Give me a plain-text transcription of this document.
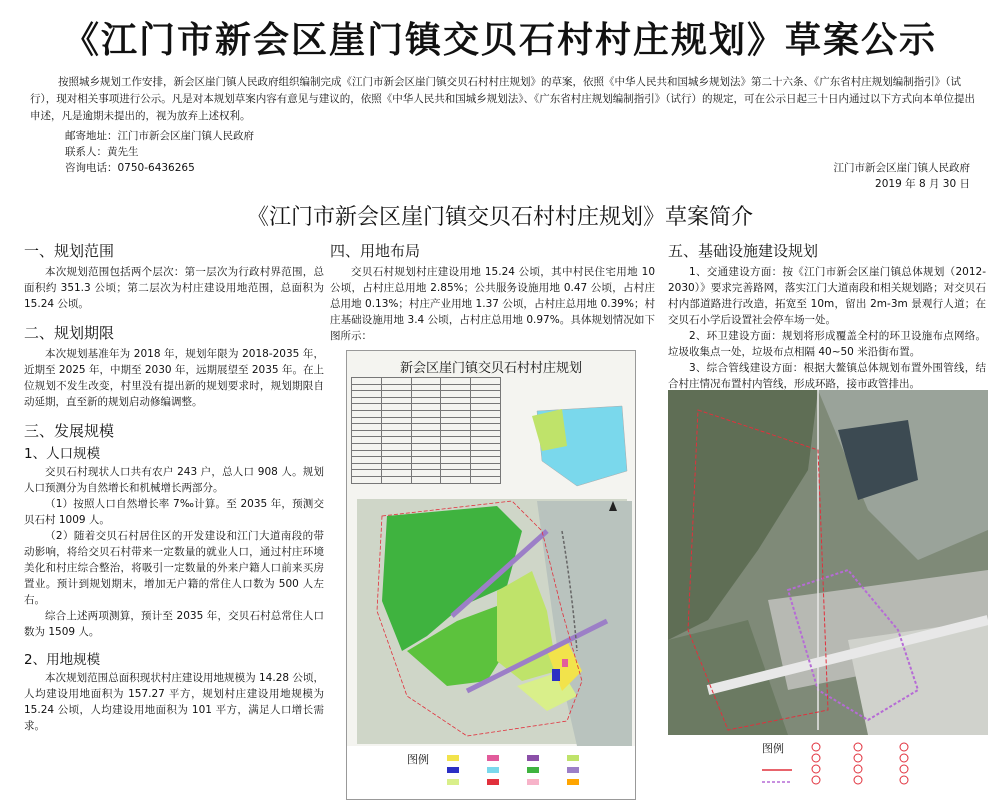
《江门市新会区崖门镇交贝石村村庄规划》草案公示
按照城乡规划工作安排，新会区崖门镇人民政府组织编制完成《江门市新会区崖门镇交贝石村村庄规划》的草案，依照《中华人民共和国城乡规划法》第二十六条、《广东省村庄规划编制指引》（试行），现对相关事项进行公示。凡是对本规划草案内容有意见与建议的，依照《中华人民共和国城乡规划法》、《广东省村庄规划编制指引》（试行）的规定，可在公示日起三十日内通过以下方式向本单位提出申述，凡是逾期未提出的，视为放弃上述权利。
邮寄地址：江门市新会区崖门镇人民政府
联系人：黄先生
咨询电话：0750-6436265	江门市新会区崖门镇人民政府
2019 年 8 月 30 日
《江门市新会区崖门镇交贝石村村庄规划》草案简介
一、规划范围
本次规划范围包括两个层次：第一层次为行政村界范围，总面积约 351.3 公顷；第二层次为村庄建设用地范围，总面积为 15.24 公顷。
二、规划期限
本次规划基准年为 2018 年，规划年限为 2018-2035 年，近期至 2025 年，中期至 2030 年，远期展望至 2035 年。在上位规划不发生改变，村里没有提出新的规划要求时，规划期限自动延期，直至新的规划启动修编调整。
三、发展规模
1、人口规模
交贝石村现状人口共有农户 243 户，总人口 908 人。规划人口预测分为自然增长和机械增长两部分。
（1）按照人口自然增长率 7‰计算。至 2035 年，预测交贝石村 1009 人。
（2）随着交贝石村居住区的开发建设和江门大道南段的带动影响，将给交贝石村带来一定数量的就业人口，通过村庄环境美化和村庄综合整治，将吸引一定数量的外来户籍人口前来买房置业。预计到规划期末，增加无户籍的常住人口数为 500 人左右。
综合上述两项测算，预计至 2035 年，交贝石村总常住人口数为 1509 人。
2、用地规模
本次规划范围总面积现状村庄建设用地规模为 14.28 公顷，人均建设用地面积为 157.27 平方，规划村庄建设用地规模为 15.24 公顷，人均建设用地面积为 101 平方，满足人口增长需求。
四、用地布局
交贝石村规划村庄建设用地 15.24 公顷，其中村民住宅用地 10 公顷，占村庄总用地 2.85%；公共服务设施用地 0.47 公顷，占村庄总用地 0.13%；村庄产业用地 1.37 公顷，占村庄总用地 0.39%；村庄基础设施用地 3.4 公顷，占村庄总用地 0.97%。具体规划情况如下图所示：
新会区崖门镇交贝石村村庄规划

图例
五、基础设施建设规划
1、交通建设方面：按《江门市新会区崖门镇总体规划（2012-2030）》要求完善路网，落实江门大道南段和相关规划路；对交贝石村内部道路进行改造，拓宽至 10m，留出 2m-3m 景观行人道；在交贝石小学后设置社会停车场一处。
2、环卫建设方面：规划将形成覆盖全村的环卫设施布点网络。垃圾收集点一处，垃圾布点相隔 40~50 米沿街布置。
3、综合管线建设方面：根据大鳌镇总体规划布置外围管线，结合村庄情况布置村内管线，形成环路，接市政管排出。
图例
